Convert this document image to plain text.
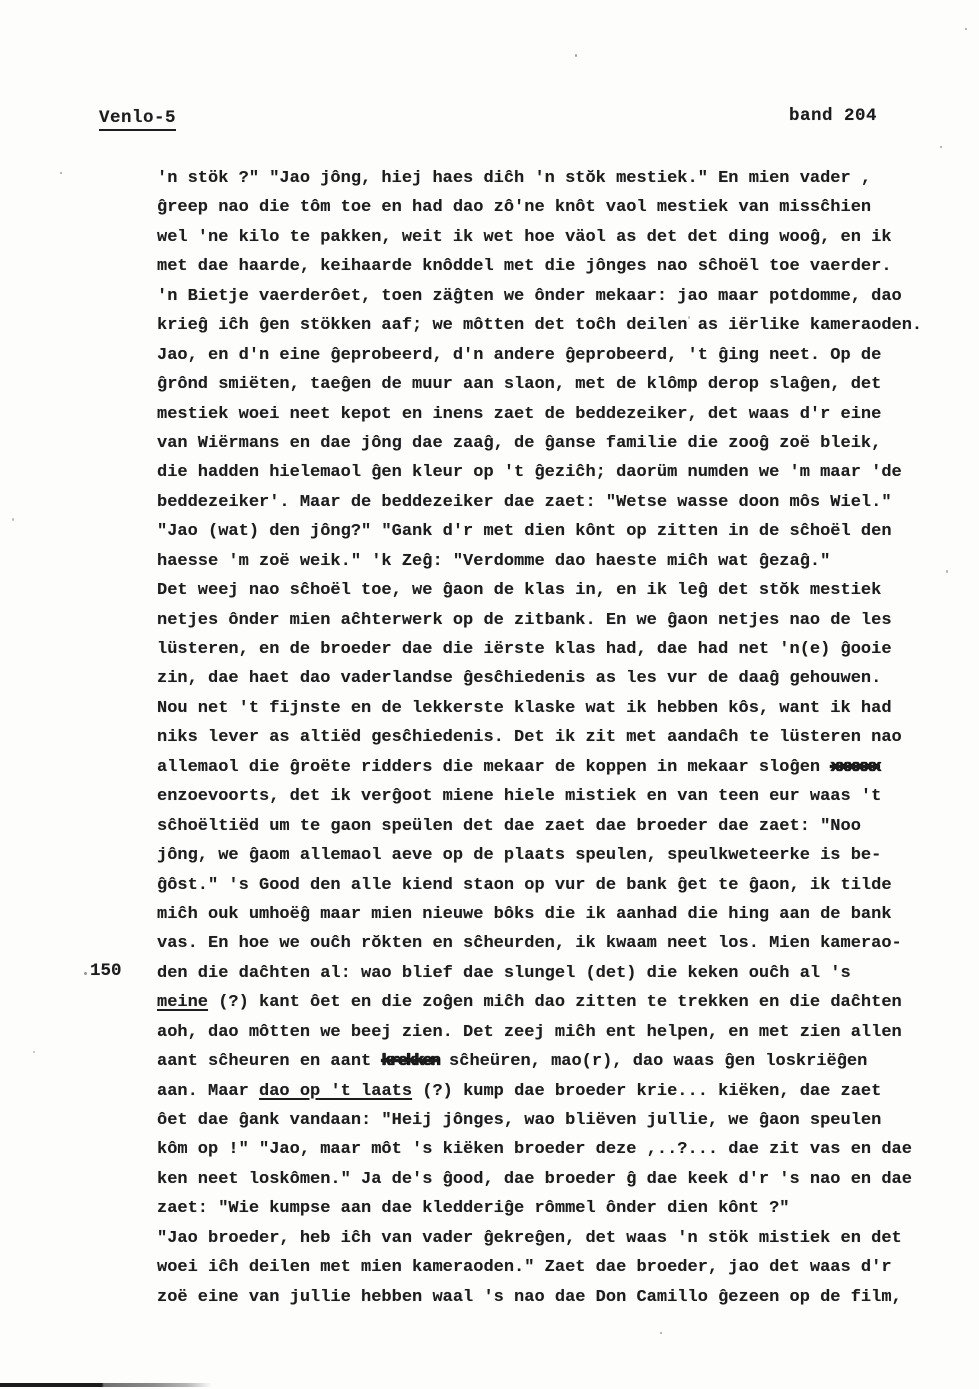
Venlo-5	band 204
150
'n stök ?" "Jao jông, hiej haes diĉh 'n stŏk mestiek." En mien vader ,
ĝreep nao die tôm toe en had dao zô'ne knôt vaol mestiek van missĉhien
wel 'ne kilo te pakken, weit ik wet hoe väol as det det ding wooĝ, en ik
met dae haarde, keihaarde knôddel met die jônges nao sĉhoël toe vaerder.
'n Bietje vaerderôet, toen zäĝten we ônder mekaar: jao maar potdomme, dao
krieĝ iĉh ĝen stökken aaf; we môtten det toĉh deilen as iërlike kameraoden.
Jao, en d'n eine ĝeprobeerd, d'n andere ĝeprobeerd, 't ĝing neet. Op de
ĝrônd smiëten, taeĝen de muur aan slaon, met de klômp derop slaĝen, det
mestiek woei neet kepot en inens zaet de beddezeiker, det waas d'r eine
van Wiërmans en dae jông dae zaaĝ, de ĝanse familie die zooĝ zoë bleik,
die hadden hielemaol ĝen kleur op 't ĝeziĉh; daorüm numden we 'm maar 'de
beddezeiker'. Maar de beddezeiker dae zaet: "Wetse wasse doon môs Wiel."
"Jao (wat) den jông?" "Gank d'r met dien kônt op zitten in de sĉhoël den
haesse 'm zoë weik." 'k Zeĝ: "Verdomme dao haeste miĉh wat ĝezaĝ."
Det weej nao sĉhoël toe, we ĝaon de klas in, en ik leĝ det stŏk mestiek
netjes ônder mien aĉhterwerk op de zitbank. En we ĝaon netjes nao de les
lüsteren, en de broeder dae die iërste klas had, dae had net 'n(e) ĝooie
zin, dae haet dao vaderlandse ĝesĉhiedenis as les vur de daaĝ gehouwen.
Nou net 't fijnste en de lekkerste klaske wat ik hebben kôs, want ik had
niks lever as altiëd gesĉhiedenis. Det ik zit met aandaĉh te lüsteren nao
allemaol die ĝroëte ridders die mekaar de koppen in mekaar sloĝen xxxxxx
enzoevoorts, det ik verĝoot miene hiele mistiek en van teen eur waas 't
sĉhoëltiëd um te gaon speülen det dae zaet dae broeder dae zaet: "Noo
jông, we ĝaom allemaol aeve op de plaats speulen, speulkweteerke is be-
ĝôst." 's Good den alle kiend staon op vur de bank ĝet te ĝaon, ik tilde
miĉh ouk umhoëĝ maar mien nieuwe bôks die ik aanhad die hing aan de bank
vas. En hoe we ouĉh rŏkten en sĉheurden, ik kwaam neet los. Mien kamerao-
den die daĉhten al: wao blief dae slungel (det) die keken ouĉh al 's
meine (?) kant ôet en die zoĝen miĉh dao zitten te trekken en die daĉhten
aoh, dao môtten we beej zien. Det zeej miĉh ent helpen, en met zien allen
aant sĉheuren en aant krekken sĉheüren, mao(r), dao waas ĝen loskriëĝen
aan. Maar dao op 't laats (?) kump dae broeder krie... kiëken, dae zaet
ôet dae ĝank vandaan: "Heij jônges, wao bliëven jullie, we ĝaon speulen
kôm op !" "Jao, maar môt 's kiëken broeder deze ,..?... dae zit vas en dae
ken neet loskômen." Ja de's ĝood, dae broeder ĝ dae keek d'r 's nao en dae
zaet: "Wie kumpse aan dae kledderiĝe rômmel ônder dien kônt ?"
"Jao broeder, heb iĉh van vader ĝekreĝen, det waas 'n stök mistiek en det
woei iĉh deilen met mien kameraoden." Zaet dae broeder, jao det waas d'r
zoë eine van jullie hebben waal 's nao dae Don Camillo ĝezeen op de film,
